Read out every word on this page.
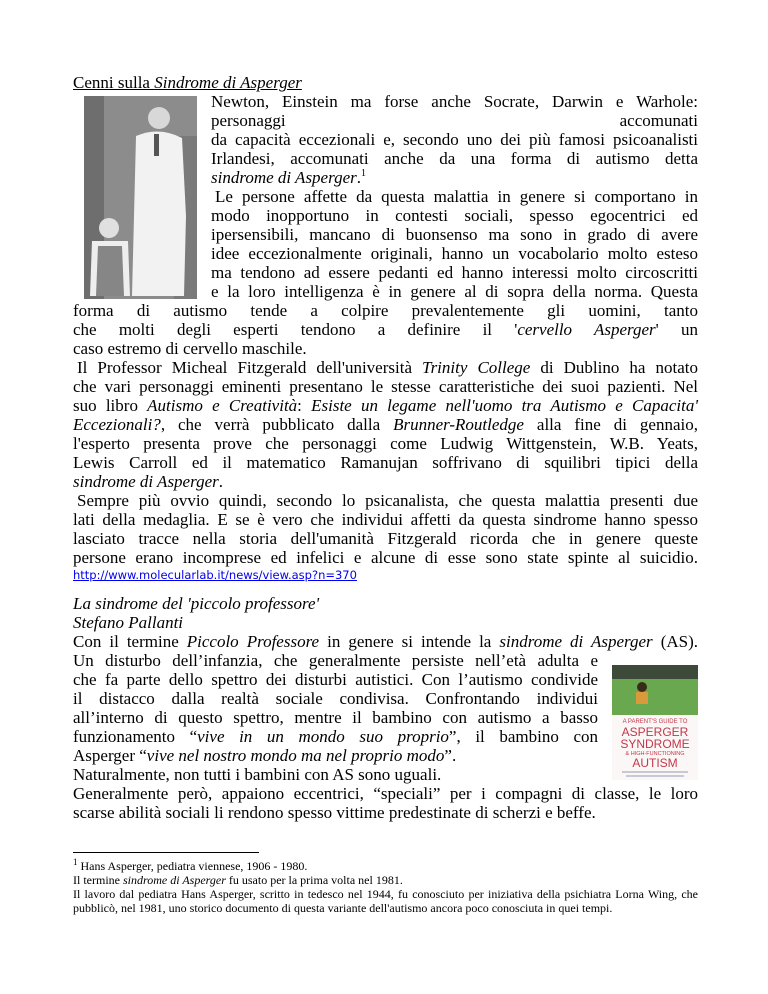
Cenni sulla Sindrome di Asperger
Newton, Einstein ma forse anche Socrate, Darwin e Warhole: personaggi accomunati
da capacità eccezionali e, secondo uno dei più famosi psicoanalisti
Irlandesi, accomunati anche da una forma di autismo detta
sindrome di Asperger.$^1$
Le persone affette da questa malattia in genere si comportano in
modo inopportuno in contesti sociali, spesso egocentrici ed
ipersensibili, mancano di buonsenso ma sono in grado di avere
idee eccezionalmente originali, hanno un vocabolario molto esteso
ma tendono ad essere pedanti ed hanno interessi molto circoscritti
e la loro intelligenza è in genere al di sopra della norma. Questa
forma di autismo tende a colpire prevalentemente gli uomini, tanto
che molti degli esperti tendono a definire il 'cervello Asperger' un
caso estremo di cervello maschile.
Il Professor Micheal Fitzgerald dell'università Trinity College di Dublino ha notato
che vari personaggi eminenti presentano le stesse caratteristiche dei suoi pazienti. Nel
suo libro Autismo e Creatività: Esiste un legame nell'uomo tra Autismo e Capacita'
Eccezionali?, che verrà pubblicato dalla Brunner-Routledge alla fine di gennaio,
l'esperto presenta prove che personaggi come Ludwig Wittgenstein, W.B. Yeats,
Lewis Carroll ed il matematico Ramanujan soffrivano di squilibri tipici della
sindrome di Asperger.
Sempre più ovvio quindi, secondo lo psicanalista, che questa malattia presenti due
lati della medaglia. E se è vero che individui affetti da questa sindrome hanno spesso
lasciato tracce nella storia dell'umanità Fitzgerald ricorda che in genere queste
persone erano incomprese ed infelici e alcune di esse sono state spinte al suicidio.
http://www.molecularlab.it/news/view.asp?n=370
La sindrome del 'piccolo professore'
Stefano Pallanti
Con il termine Piccolo Professore in genere si intende la sindrome di Asperger (AS).
A PARENT'S GUIDE TO
ASPERGER
SYNDROME
& HIGH-FUNCTIONING
AUTISM
Un disturbo dell’infanzia, che generalmente persiste nell’età adulta e
che fa parte dello spettro dei disturbi autistici. Con l’autismo condivide
il distacco dalla realtà sociale condivisa. Confrontando individui
all’interno di questo spettro, mentre il bambino con autismo a basso
funzionamento “vive in un mondo suo proprio”, il bambino con
Asperger “vive nel nostro mondo ma nel proprio modo”.
Naturalmente, non tutti i bambini con AS sono uguali.
Generalmente però, appaiono eccentrici, “speciali” per i compagni di classe, le loro
scarse abilità sociali li rendono spesso vittime predestinate di scherzi e beffe.
$^1$ Hans Asperger, pediatra viennese, 1906 - 1980.
Il termine sindrome di Asperger fu usato per la prima volta nel 1981.
Il lavoro dal pediatra Hans Asperger, scritto in tedesco nel 1944, fu conosciuto per iniziativa della psichiatra Lorna Wing, che pubblicò, nel 1981, uno storico documento di questa variante dell'autismo ancora poco conosciuta in quei tempi.
